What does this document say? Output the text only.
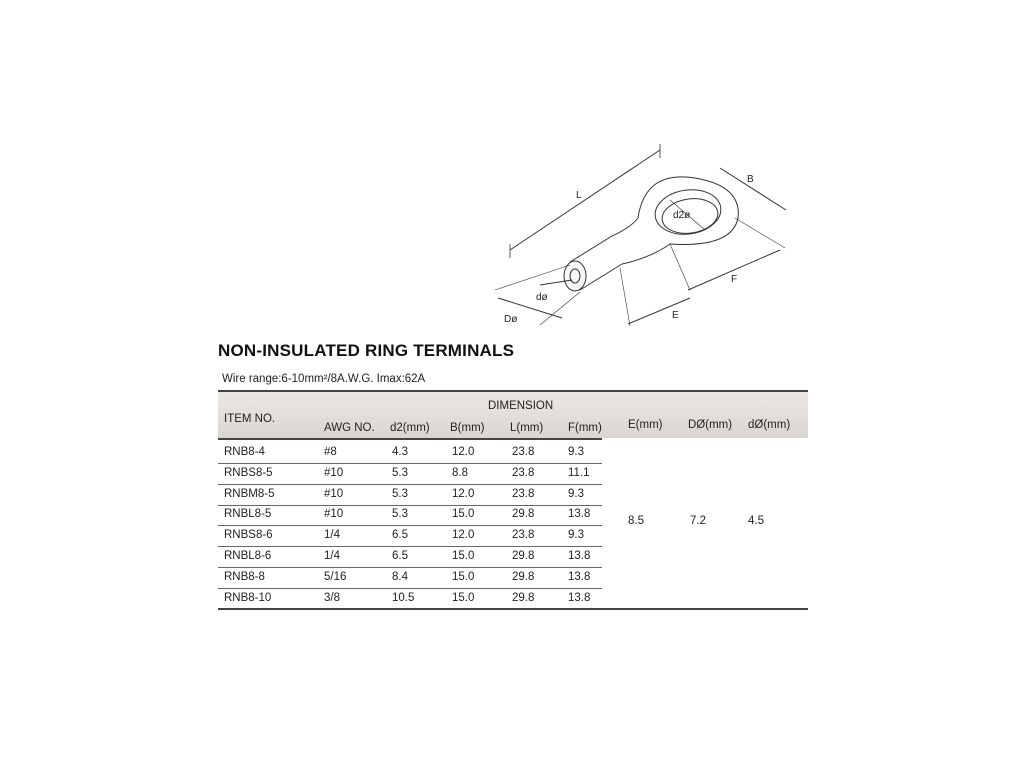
L
B
d2ø
dø
Dø	E
F
NON-INSULATED RING TERMINALS
Wire range:6-10mm²/8A.W.G. Imax:62A
ITEM NO.
DIMENSION
AWG NO. d2(mm) B(mm) L(mm) F(mm) E(mm) DØ(mm) dØ(mm)
RNB8-4	#8	4.3	12.0	23.8	9.3
RNBS8-5	#10	5.3	8.8	23.8	11.1
RNBM8-5	#10	5.3	12.0	23.8	9.3
RNBL8-5	#10	5.3	15.0	29.8	13.8
RNBS8-6	1/4	6.5	12.0	23.8	9.3
RNBL8-6	1/4	6.5	15.0	29.8	13.8
RNB8-8	5/16	8.4	15.0	29.8	13.8
RNB8-10	3/8	10.5	15.0	29.8	13.8
8.5	7.2	4.5
